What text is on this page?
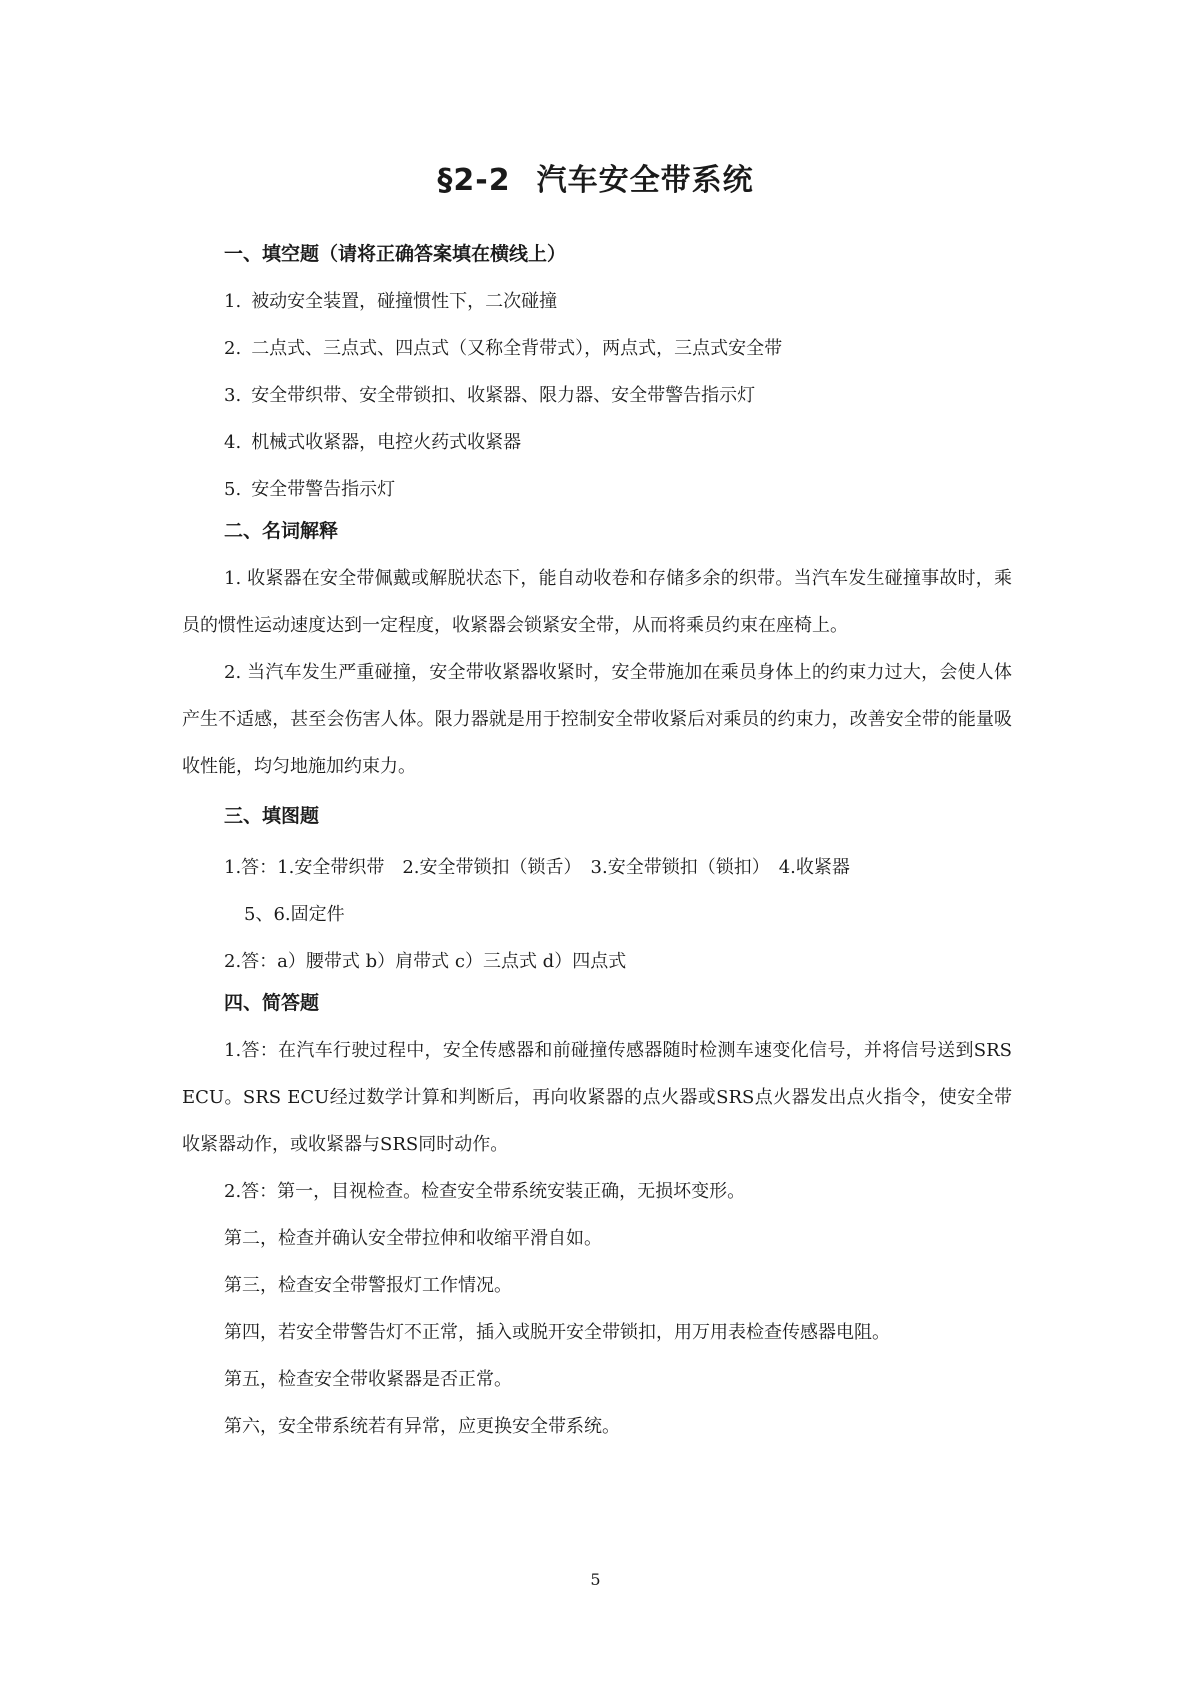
§2-2 汽车安全带系统
一、填空题（请将正确答案填在横线上）
1. 被动安全装置，碰撞惯性下，二次碰撞
2. 二点式、三点式、四点式（又称全背带式），两点式，三点式安全带
3. 安全带织带、安全带锁扣、收紧器、限力器、安全带警告指示灯
4. 机械式收紧器，电控火药式收紧器
5. 安全带警告指示灯
二、名词解释
1. 收紧器在安全带佩戴或解脱状态下，能自动收卷和存储多余的织带。当汽车发生碰撞事故时，乘员的惯性运动速度达到一定程度，收紧器会锁紧安全带，从而将乘员约束在座椅上。
2. 当汽车发生严重碰撞，安全带收紧器收紧时，安全带施加在乘员身体上的约束力过大，会使人体产生不适感，甚至会伤害人体。限力器就是用于控制安全带收紧后对乘员的约束力，改善安全带的能量吸收性能，均匀地施加约束力。
三、填图题
1.答：1.安全带织带　2.安全带锁扣（锁舌）　3.安全带锁扣（锁扣）　4.收紧器
5、6.固定件
2.答：a）腰带式 b）肩带式 c）三点式 d）四点式
四、简答题
1.答：在汽车行驶过程中，安全传感器和前碰撞传感器随时检测车速变化信号，并将信号送到SRS ECU。SRS ECU经过数学计算和判断后，再向收紧器的点火器或SRS点火器发出点火指令，使安全带收紧器动作，或收紧器与SRS同时动作。
2.答：第一，目视检查。检查安全带系统安装正确，无损坏变形。
第二，检查并确认安全带拉伸和收缩平滑自如。
第三，检查安全带警报灯工作情况。
第四，若安全带警告灯不正常，插入或脱开安全带锁扣，用万用表检查传感器电阻。
第五，检查安全带收紧器是否正常。
第六，安全带系统若有异常，应更换安全带系统。
5
